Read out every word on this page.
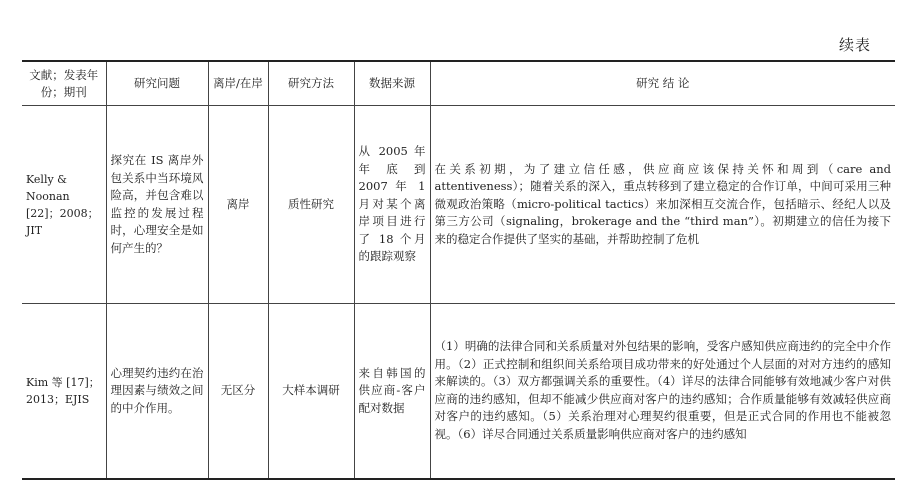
续表
文献；发表年份；期刊	研究问题	离岸/在岸	研究方法	数据来源	研究 结 论
Kelly & Noonan [22]；2008；JIT	探究在 IS 离岸外包关系中当环境风险高，并包含难以监控的发展过程时，心理安全是如何产生的？	离岸	质性研究	从 2005 年年底到 2007 年 1 月对某个离岸项目进行了 18 个月的跟踪观察	在关系初期，为了建立信任感，供应商应该保持关怀和周到（care and attentiveness）；随着关系的深入，重点转移到了建立稳定的合作订单，中间可采用三种微观政治策略（micro-political tactics）来加深相互交流合作，包括暗示、经纪人以及第三方公司（signaling，brokerage and the “third man”）。初期建立的信任为接下来的稳定合作提供了坚实的基础，并帮助控制了危机
Kim 等 [17]；2013；EJIS	心理契约违约在治理因素与绩效之间的中介作用。	无区分	大样本调研	来自韩国的供应商-客户配对数据	（1）明确的法律合同和关系质量对外包结果的影响，受客户感知供应商违约的完全中介作用。（2）正式控制和组织间关系给项目成功带来的好处通过个人层面的对对方违约的感知来解读的。（3）双方都强调关系的重要性。（4）详尽的法律合同能够有效地减少客户对供应商的违约感知，但却不能减少供应商对客户的违约感知；合作质量能够有效减轻供应商对客户的违约感知。（5）关系治理对心理契约很重要，但是正式合同的作用也不能被忽视。（6）详尽合同通过关系质量影响供应商对客户的违约感知
